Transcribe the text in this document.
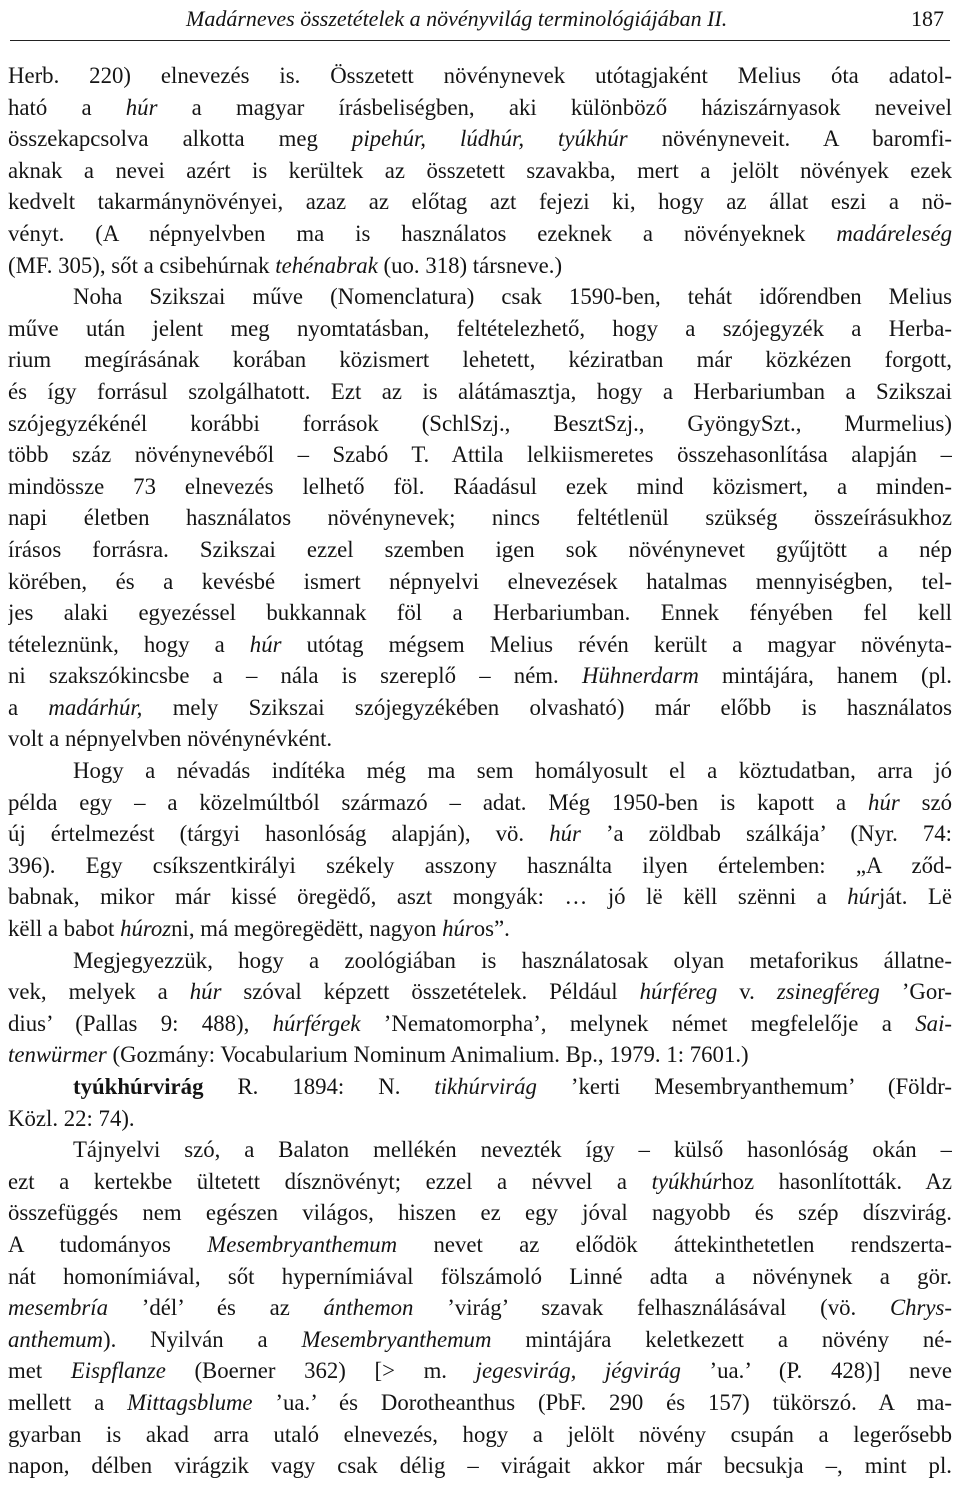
Madárneves összetételek a növényvilág terminológiájában II.	187
Herb. 220) elnevezés is. Összetett növénynevek utótagjaként Melius óta adatol-
ható a húr a magyar írásbeliségben, aki különböző háziszárnyasok neveivel
összekapcsolva alkotta meg pipehúr, lúdhúr, tyúkhúr növényneveit. A baromfi-
aknak a nevei azért is kerültek az összetett szavakba, mert a jelölt növények ezek
kedvelt takarmánynövényei, azaz az előtag azt fejezi ki, hogy az állat eszi a nö-
vényt. (A népnyelvben ma is használatos ezeknek a növényeknek madáreleség
(MF. 305), sőt a csibehúrnak tehénabrak (uo. 318) társneve.)
Noha Szikszai műve (Nomenclatura) csak 1590-ben, tehát időrendben Melius
műve után jelent meg nyomtatásban, feltételezhető, hogy a szójegyzék a Herba-
rium megírásának korában közismert lehetett, kéziratban már közkézen forgott,
és így forrásul szolgálhatott. Ezt az is alátámasztja, hogy a Herbariumban a Szikszai
szójegyzékénél korábbi források (SchlSzj., BesztSzj., GyöngySzt., Murmelius)
több száz növénynevéből – Szabó T. Attila lelkiismeretes összehasonlítása alapján –
mindössze 73 elnevezés lelhető föl. Ráadásul ezek mind közismert, a minden-
napi életben használatos növénynevek; nincs feltétlenül szükség összeírásukhoz
írásos forrásra. Szikszai ezzel szemben igen sok növénynevet gyűjtött a nép
körében, és a kevésbé ismert népnyelvi elnevezések hatalmas mennyiségben, tel-
jes alaki egyezéssel bukkannak föl a Herbariumban. Ennek fényében fel kell
tételeznünk, hogy a húr utótag mégsem Melius révén került a magyar növényta-
ni szakszókincsbe a – nála is szereplő – ném. Hühnerdarm mintájára, hanem (pl.
a madárhúr, mely Szikszai szójegyzékében olvasható) már előbb is használatos
volt a népnyelvben növénynévként.
Hogy a névadás indítéka még ma sem homályosult el a köztudatban, arra jó
példa egy – a közelmúltból származó – adat. Még 1950-ben is kapott a húr szó
új értelmezést (tárgyi hasonlóság alapján), vö. húr ’a zöldbab szálkája’ (Nyr. 74:
396). Egy csíkszentkirályi székely asszony használta ilyen értelemben: „A ződ-
babnak, mikor már kissé öregëdő, aszt mongyák: … jó lë këll szënni a húrját. Lë
këll a babot húrozni, má megöregëdëtt, nagyon húros”.
Megjegyezzük, hogy a zoológiában is használatosak olyan metaforikus állatne-
vek, melyek a húr szóval képzett összetételek. Például húrféreg v. zsinegféreg ’Gor-
dius’ (Pallas 9: 488), húrférgek ’Nematomorpha’, melynek német megfelelője a Sai-
tenwürmer (Gozmány: Vocabularium Nominum Animalium. Bp., 1979. 1: 7601.)
tyúkhúrvirág R. 1894: N. tikhúrvirág ’kerti Mesembryanthemum’ (Földr-
Közl. 22: 74).
Tájnyelvi szó, a Balaton mellékén nevezték így – külső hasonlóság okán –
ezt a kertekbe ültetett dísznövényt; ezzel a névvel a tyúkhúrhoz hasonlították. Az
összefüggés nem egészen világos, hiszen ez egy jóval nagyobb és szép díszvirág.
A tudományos Mesembryanthemum nevet az elődök áttekinthetetlen rendszerta-
nát homonímiával, sőt hypernímiával fölszámoló Linné adta a növénynek a gör.
mesembría ’dél’ és az ánthemon ’virág’ szavak felhasználásával (vö. Chrys-
anthemum). Nyilván a Mesembryanthemum mintájára keletkezett a növény né-
met Eispflanze (Boerner 362) [> m. jegesvirág, jégvirág ’ua.’ (P. 428)] neve
mellett a Mittagsblume ’ua.’ és Dorotheanthus (PbF. 290 és 157) tükörszó. A ma-
gyarban is akad arra utaló elnevezés, hogy a jelölt növény csupán a legerősebb
napon, délben virágzik vagy csak délig – virágait akkor már becsukja –, mint pl.
